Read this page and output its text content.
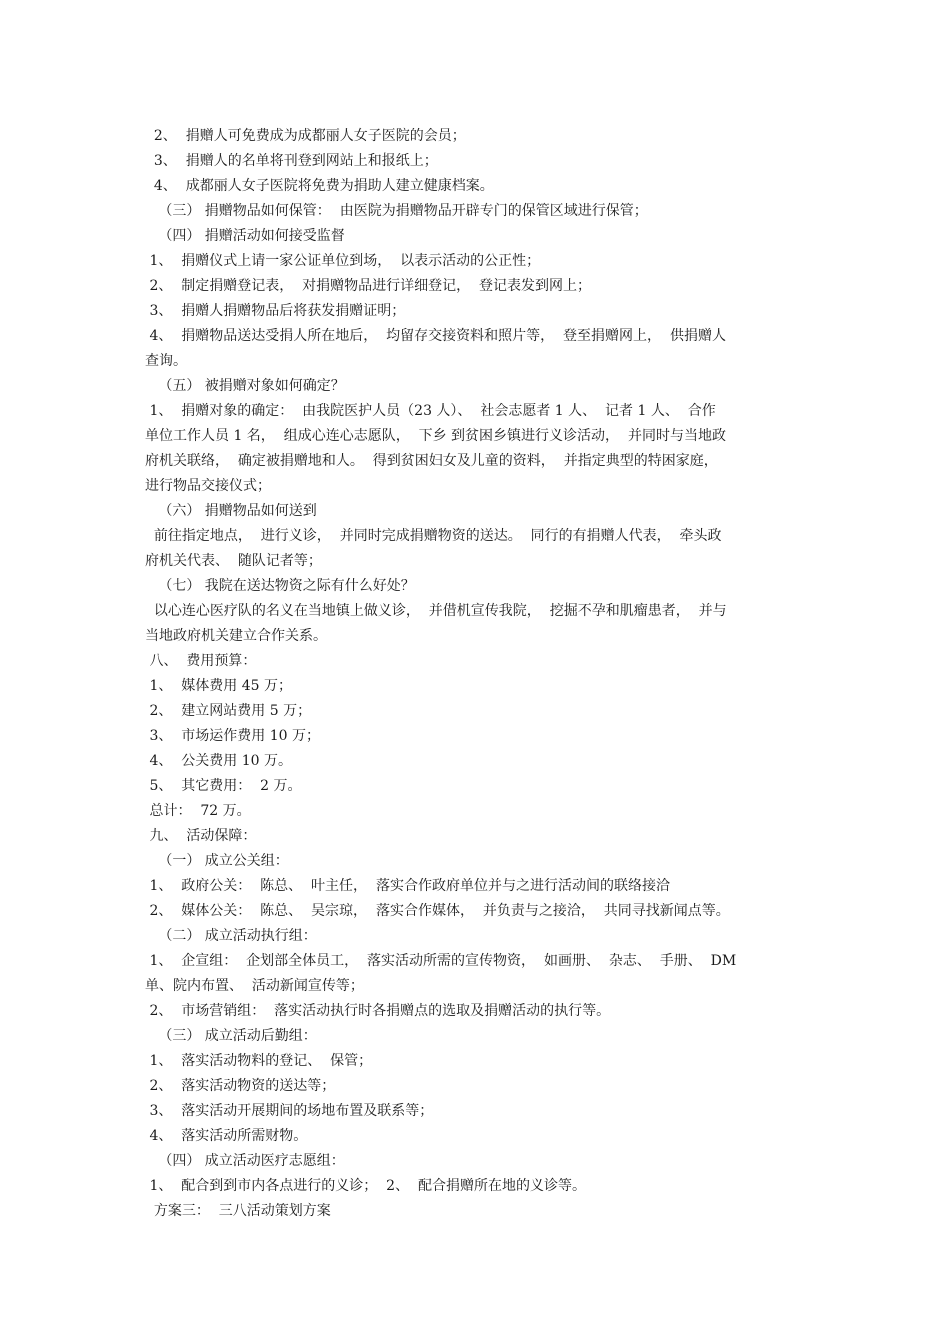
2、  捐赠人可免费成为成都丽人女子医院的会员；
3、  捐赠人的名单将刊登到网站上和报纸上；
4、  成都丽人女子医院将免费为捐助人建立健康档案。
（三） 捐赠物品如何保管：  由医院为捐赠物品开辟专门的保管区域进行保管；
（四） 捐赠活动如何接受监督
1、  捐赠仪式上请一家公证单位到场，  以表示活动的公正性；
2、  制定捐赠登记表，  对捐赠物品进行详细登记，  登记表发到网上；
3、  捐赠人捐赠物品后将获发捐赠证明；
4、  捐赠物品送达受捐人所在地后，  均留存交接资料和照片等，  登至捐赠网上，  供捐赠人
查询。
（五） 被捐赠对象如何确定？
1、  捐赠对象的确定：  由我院医护人员（23 人）、  社会志愿者 1 人、  记者 1 人、  合作
单位工作人员 1 名，  组成心连心志愿队，  下乡 到贫困乡镇进行义诊活动，  并同时与当地政
府机关联络，  确定被捐赠地和人。  得到贫困妇女及儿童的资料，  并指定典型的特困家庭，
进行物品交接仪式；
（六） 捐赠物品如何送到
前往指定地点，  进行义诊，  并同时完成捐赠物资的送达。  同行的有捐赠人代表，  牵头政
府机关代表、  随队记者等；
（七） 我院在送达物资之际有什么好处？
以心连心医疗队的名义在当地镇上做义诊，  并借机宣传我院，  挖掘不孕和肌瘤患者，  并与
当地政府机关建立合作关系。
八、  费用预算：
1、  媒体费用 45 万；
2、  建立网站费用 5 万；
3、  市场运作费用 10 万；
4、  公关费用 10 万。
5、  其它费用：  2 万。
总计：  72 万。
九、  活动保障：
（一） 成立公关组：
1、  政府公关：  陈总、  叶主任，  落实合作政府单位并与之进行活动间的联络接洽
2、  媒体公关：  陈总、  吴宗琼，  落实合作媒体，  并负责与之接洽，  共同寻找新闻点等。
（二） 成立活动执行组：
1、  企宣组：  企划部全体员工，  落实活动所需的宣传物资，  如画册、  杂志、  手册、  DM
单、院内布置、  活动新闻宣传等；
2、  市场营销组：  落实活动执行时各捐赠点的选取及捐赠活动的执行等。
（三） 成立活动后勤组：
1、  落实活动物料的登记、  保管；
2、  落实活动物资的送达等；
3、  落实活动开展期间的场地布置及联系等；
4、  落实活动所需财物。
（四） 成立活动医疗志愿组：
1、  配合到到市内各点进行的义诊；  2、  配合捐赠所在地的义诊等。
方案三：  三八活动策划方案
